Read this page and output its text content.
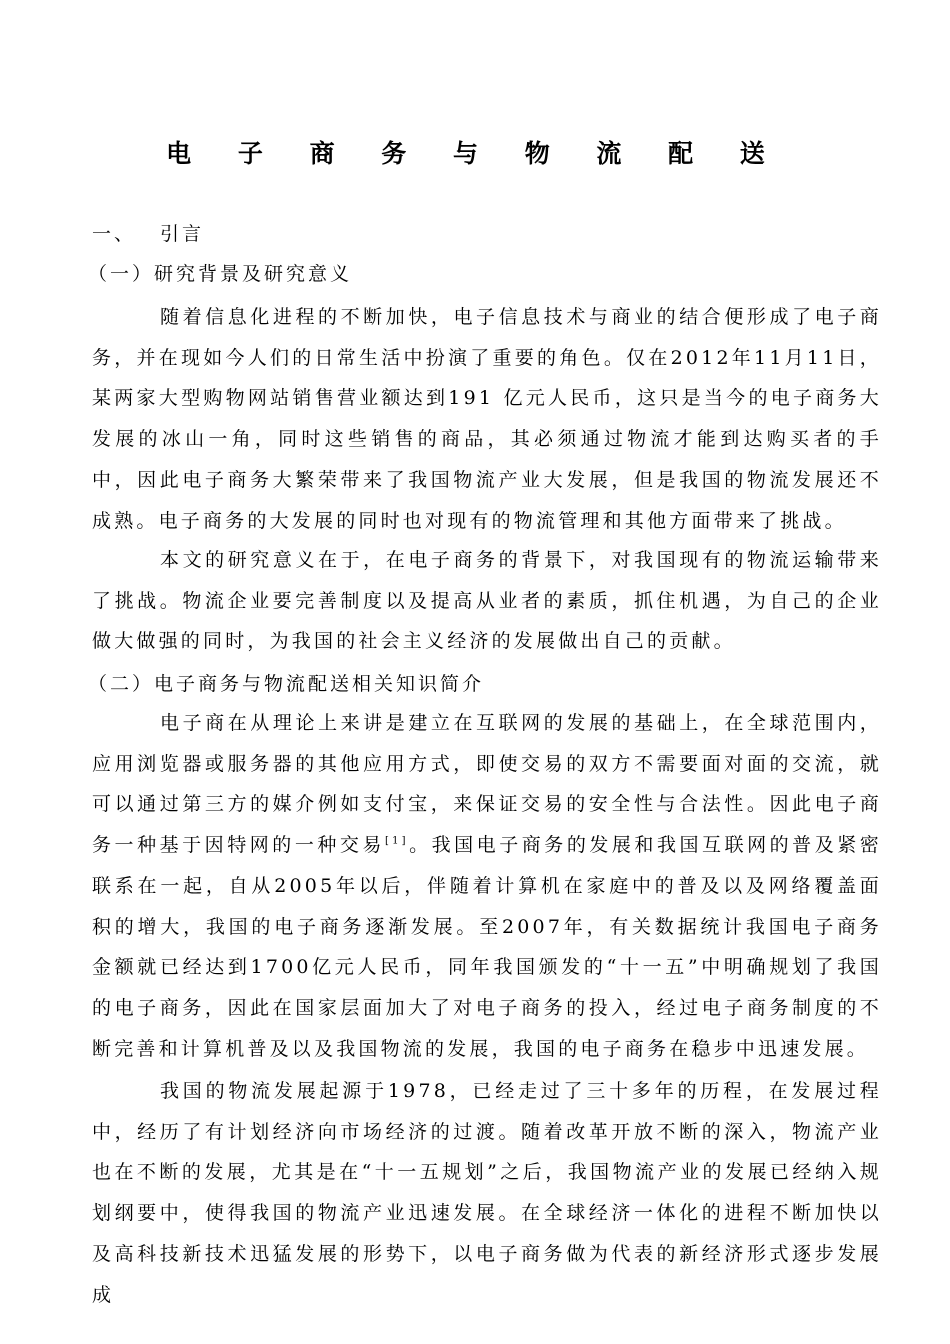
电 子 商 务 与 物 流 配 送
一、 引言
（一）研究背景及研究意义
随着信息化进程的不断加快，电子信息技术与商业的结合便形成了电子商务，并在现如今人们的日常生活中扮演了重要的角色。仅在2012年11月11日，某两家大型购物网站销售营业额达到191 亿元人民币，这只是当今的电子商务大发展的冰山一角，同时这些销售的商品，其必须通过物流才能到达购买者的手中，因此电子商务大繁荣带来了我国物流产业大发展，但是我国的物流发展还不成熟。电子商务的大发展的同时也对现有的物流管理和其他方面带来了挑战。
本文的研究意义在于，在电子商务的背景下，对我国现有的物流运输带来了挑战。物流企业要完善制度以及提高从业者的素质，抓住机遇，为自己的企业做大做强的同时，为我国的社会主义经济的发展做出自己的贡献。
（二）电子商务与物流配送相关知识简介
电子商在从理论上来讲是建立在互联网的发展的基础上，在全球范围内，应用浏览器或服务器的其他应用方式，即使交易的双方不需要面对面的交流，就可以通过第三方的媒介例如支付宝，来保证交易的安全性与合法性。因此电子商务一种基于因特网的一种交易[1]。我国电子商务的发展和我国互联网的普及紧密联系在一起，自从2005年以后，伴随着计算机在家庭中的普及以及网络覆盖面积的增大，我国的电子商务逐渐发展。至2007年，有关数据统计我国电子商务金额就已经达到1700亿元人民币，同年我国颁发的“十一五”中明确规划了我国的电子商务，因此在国家层面加大了对电子商务的投入，经过电子商务制度的不断完善和计算机普及以及我国物流的发展，我国的电子商务在稳步中迅速发展。
我国的物流发展起源于1978，已经走过了三十多年的历程，在发展过程中，经历了有计划经济向市场经济的过渡。随着改革开放不断的深入，物流产业也在不断的发展，尤其是在“十一五规划”之后，我国物流产业的发展已经纳入规划纲要中，使得我国的物流产业迅速发展。在全球经济一体化的进程不断加快以及高科技新技术迅猛发展的形势下，以电子商务做为代表的新经济形式逐步发展成
